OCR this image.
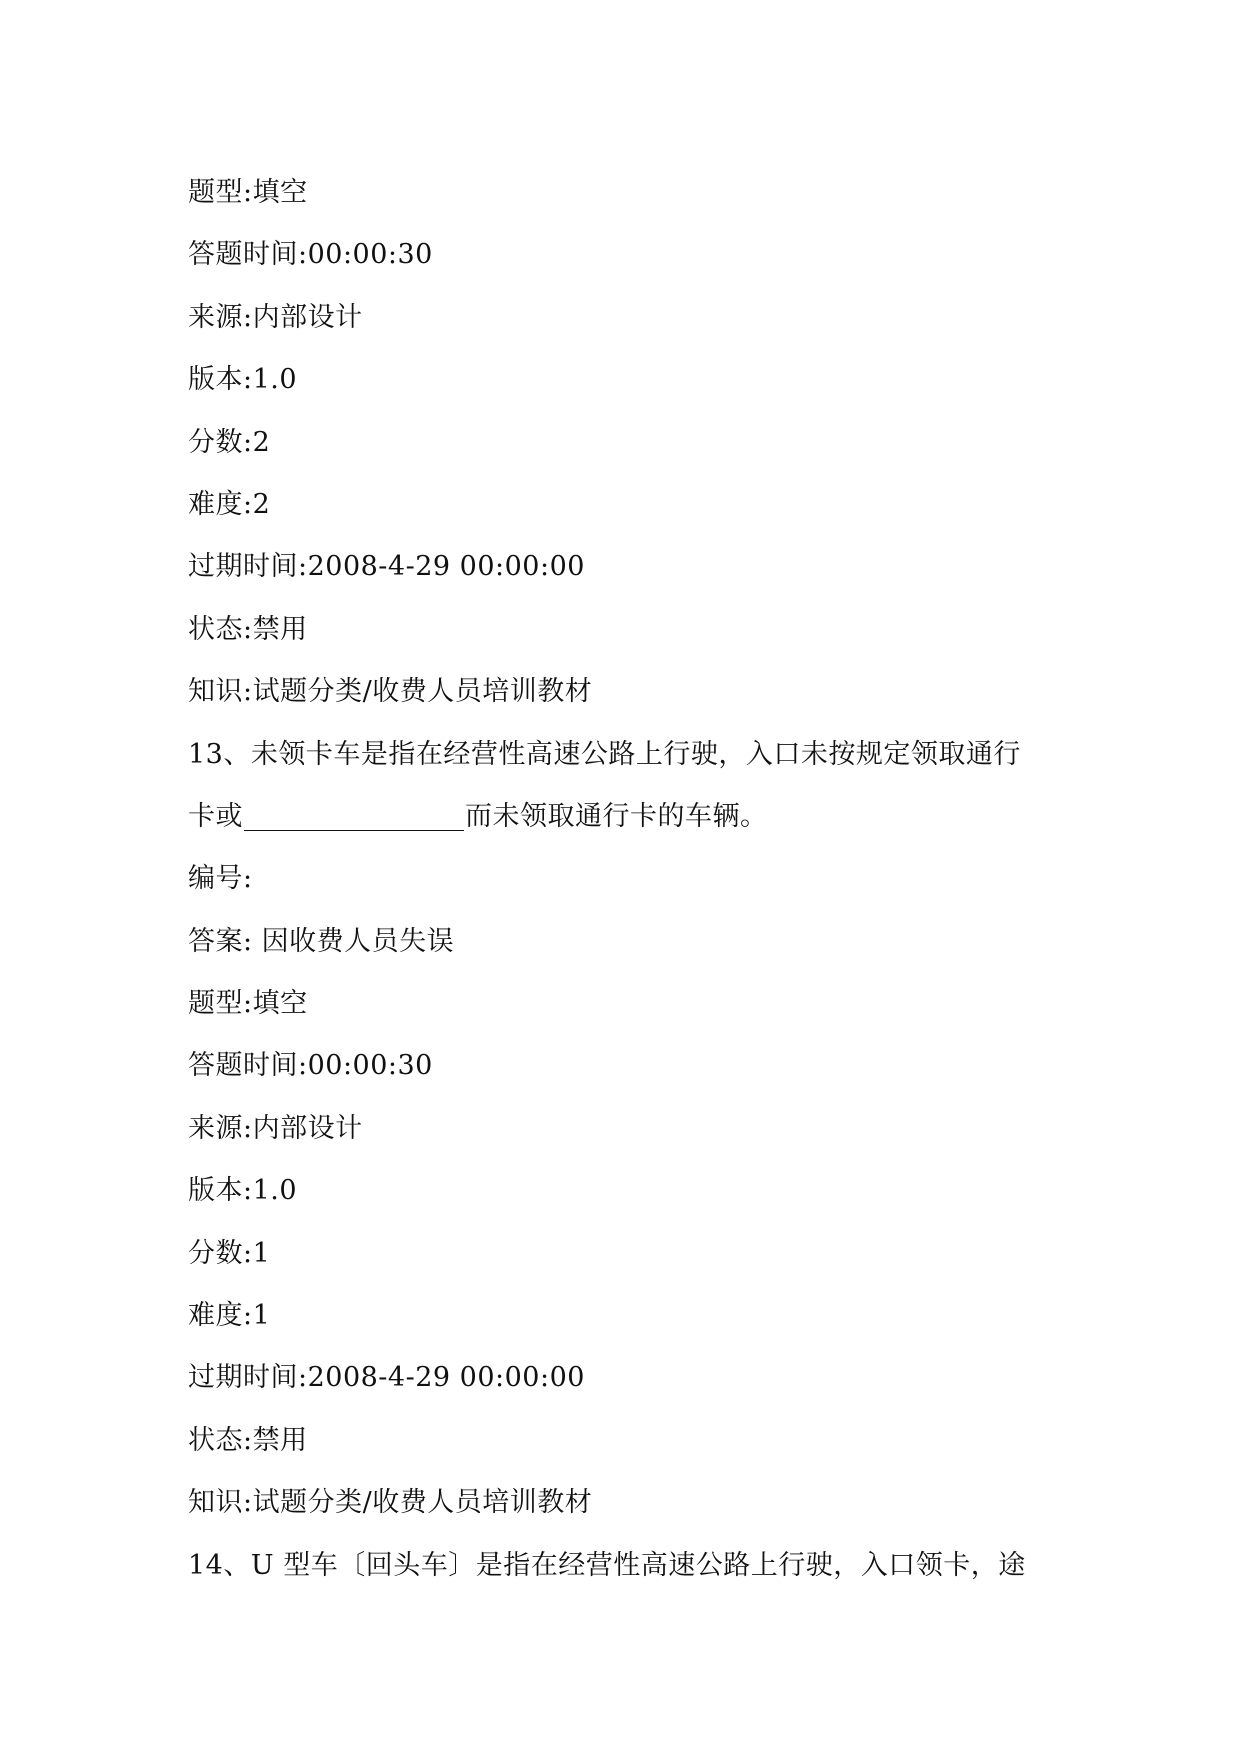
题型:填空
答题时间:00:00:30
来源:内部设计
版本:1.0
分数:2
难度:2
过期时间:2008-4-29 00:00:00
状态:禁用
知识:试题分类/收费人员培训教材
13、未领卡车是指在经营性高速公路上行驶，入口未按规定领取通行
卡或	而未领取通行卡的车辆。
编号:
答案: 因收费人员失误
题型:填空
答题时间:00:00:30
来源:内部设计
版本:1.0
分数:1
难度:1
过期时间:2008-4-29 00:00:00
状态:禁用
知识:试题分类/收费人员培训教材
14、U 型车〔回头车〕是指在经营性高速公路上行驶，入口领卡，途
